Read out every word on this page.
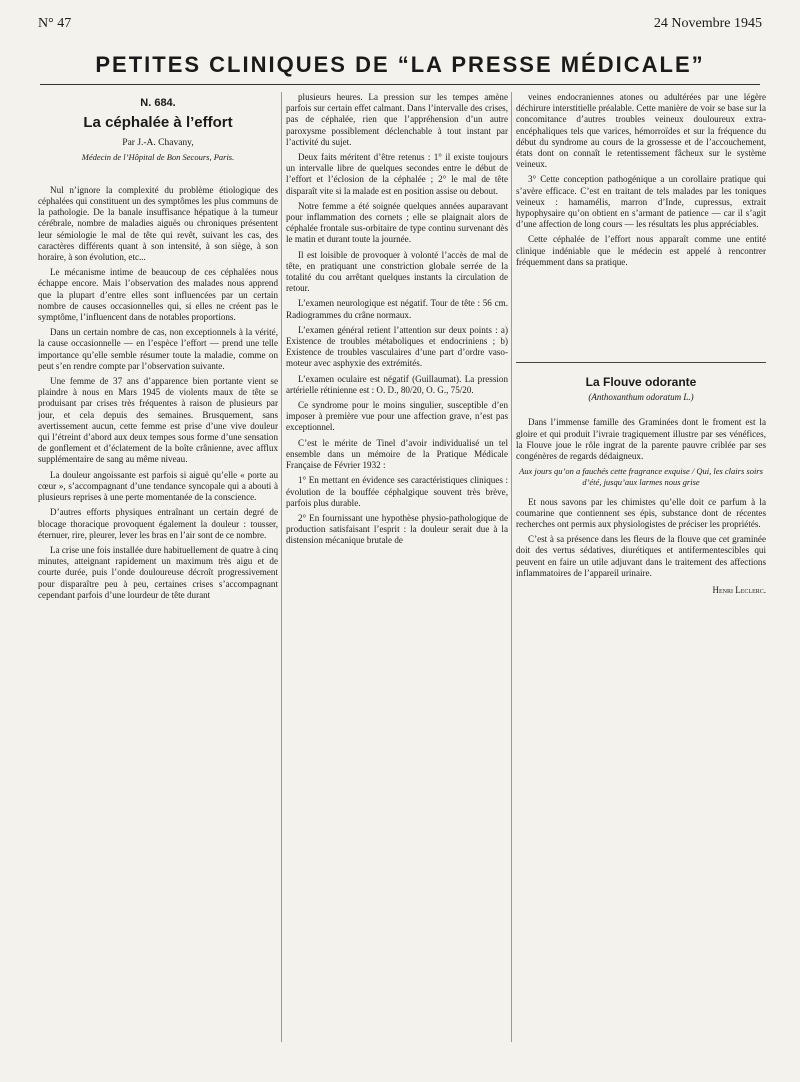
N° 47	24 Novembre 1945
PETITES CLINIQUES DE “LA PRESSE MÉDICALE”
N. 684.
La céphalée à l’effort
Par J.-A. Chavany,
Médecin de l’Hôpital de Bon Secours, Paris.

Nul n’ignore la complexité du problème étiologique des céphalées qui constituent un des symptômes les plus communs de la pathologie. De la banale insuffisance hépatique à la tumeur cérébrale, nombre de maladies aiguës ou chroniques présentent leur sémiologie le mal de tête qui revêt, suivant les cas, des caractères différents quant à son intensité, à son siège, à son horaire, à son évolution, etc...

Le mécanisme intime de beaucoup de ces céphalées nous échappe encore. Mais l’observation des malades nous apprend que la plupart d’entre elles sont influencées par un certain nombre de causes occasionnelles qui, si elles ne créent pas le symptôme, l’influencent dans de notables proportions.

Dans un certain nombre de cas, non exceptionnels à la vérité, la cause occasionnelle — en l’espèce l’effort — prend une telle importance qu’elle semble résumer toute la maladie, comme on peut s’en rendre compte par l’observation suivante.

Une femme de 37 ans d’apparence bien portante vient se plaindre à nous en Mars 1945 de violents maux de tête se produisant par crises très fréquentes à raison de plusieurs par jour, et cela depuis des semaines. Brusquement, sans avertissement aucun, cette femme est prise d’une vive douleur qui l’étreint d’abord aux deux tempes sous forme d’une sensation de gonflement et d’éclatement de la boîte crânienne, avec afflux supplémentaire de sang au même niveau.

La douleur angoissante est parfois si aiguë qu’elle « porte au cœur », s’accompagnant d’une tendance syncopale qui a abouti à plusieurs reprises à une perte momentanée de la conscience.

D’autres efforts physiques entraînant un certain degré de blocage thoracique provoquent également la douleur : tousser, éternuer, rire, pleurer, lever les bras en l’air sont de ce nombre.

La crise une fois installée dure habituellement de quatre à cinq minutes, atteignant rapidement un maximum très aigu et de courte durée, puis l’onde douloureuse décroît progressivement pour disparaître peu à peu, certaines crises s’accompagnant cependant parfois d’une lourdeur de tête durant

plusieurs heures. La pression sur les tempes amène parfois sur certain effet calmant. Dans l’intervalle des crises, pas de céphalée, rien que l’appréhension d’un autre paroxysme possiblement déclenchable à tout instant par l’activité du sujet.

Deux faits méritent d’être retenus : 1° il existe toujours un intervalle libre de quelques secondes entre le début de l’effort et l’éclosion de la céphalée ; 2° le mal de tête disparaît vite si la malade est en position assise ou debout.

Notre femme a été soignée quelques années auparavant pour inflammation des cornets ; elle se plaignait alors de céphalée frontale sus-orbitaire de type continu survenant dès le matin et durant toute la journée.

Il est loisible de provoquer à volonté l’accès de mal de tête, en pratiquant une constriction globale serrée de la totalité du cou arrêtant quelques instants la circulation de retour.

L’examen neurologique est négatif. Tour de tête : 56 cm. Radiogrammes du crâne normaux.

L’examen général retient l’attention sur deux points : a) Existence de troubles métaboliques et endocriniens ; b) Existence de troubles vasculaires d’une part d’ordre vaso-moteur avec asphyxie des extrémités.

L’examen oculaire est négatif (Guillaumat). La pression artérielle rétinienne est : O. D., 80/20, O. G., 75/20.

Ce syndrome pour le moins singulier, susceptible d’en imposer à première vue pour une affection grave, n’est pas exceptionnel.

C’est le mérite de Tinel d’avoir individualisé un tel ensemble dans un mémoire de la Pratique Médicale Française de Février 1932 :

1° En mettant en évidence ses caractéristiques cliniques : évolution de la bouffée céphalgique souvent très brève, parfois plus durable.

2° En fournissant une hypothèse physio-pathologique de production satisfaisant l’esprit : la douleur serait due à la distension mécanique brutale de

veines endocraniennes atones ou adultérées par une légère déchirure interstitielle préalable. Cette manière de voir se base sur la concomitance d’autres troubles veineux douloureux extra-encéphaliques tels que varices, hémorroïdes et sur la fréquence du début du syndrome au cours de la grossesse et de l’accouchement, états dont on connaît le retentissement fâcheux sur le système veineux.

3° Cette conception pathogénique a un corollaire pratique qui s’avère efficace. C’est en traitant de tels malades par les toniques veineux : hamamélis, marron d’Inde, cupressus, extrait hypophysaire qu’on obtient en s’armant de patience — car il s’agit d’une affection de long cours — les résultats les plus appréciables.

Cette céphalée de l’effort nous apparaît comme une entité clinique indéniable que le médecin est appelé à rencontrer fréquemment dans sa pratique.

La Flouve odorante
(Anthoxanthum odoratum L.)

Dans l’immense famille des Graminées dont le froment est la gloire et qui produit l’ivraie tragiquement illustre par ses vénéfices, la Flouve joue le rôle ingrat de la parente pauvre criblée par ses congénères de regards dédaigneux.

Aux jours qu’on a fauchés cette fragrance exquise / Qui, les clairs soirs d’été, jusqu’aux larmes nous grise

Et nous savons par les chimistes qu’elle doit ce parfum à la coumarine que contiennent ses épis, substance dont de récentes recherches ont permis aux physiologistes de préciser les propriétés.

C’est à sa présence dans les fleurs de la flouve que cet graminée doit des vertus sédatives, diurétiques et antifermentescibles qui peuvent en faire un utile adjuvant dans le traitement des affections inflammatoires de l’appareil urinaire.

Henri Leclerc.
